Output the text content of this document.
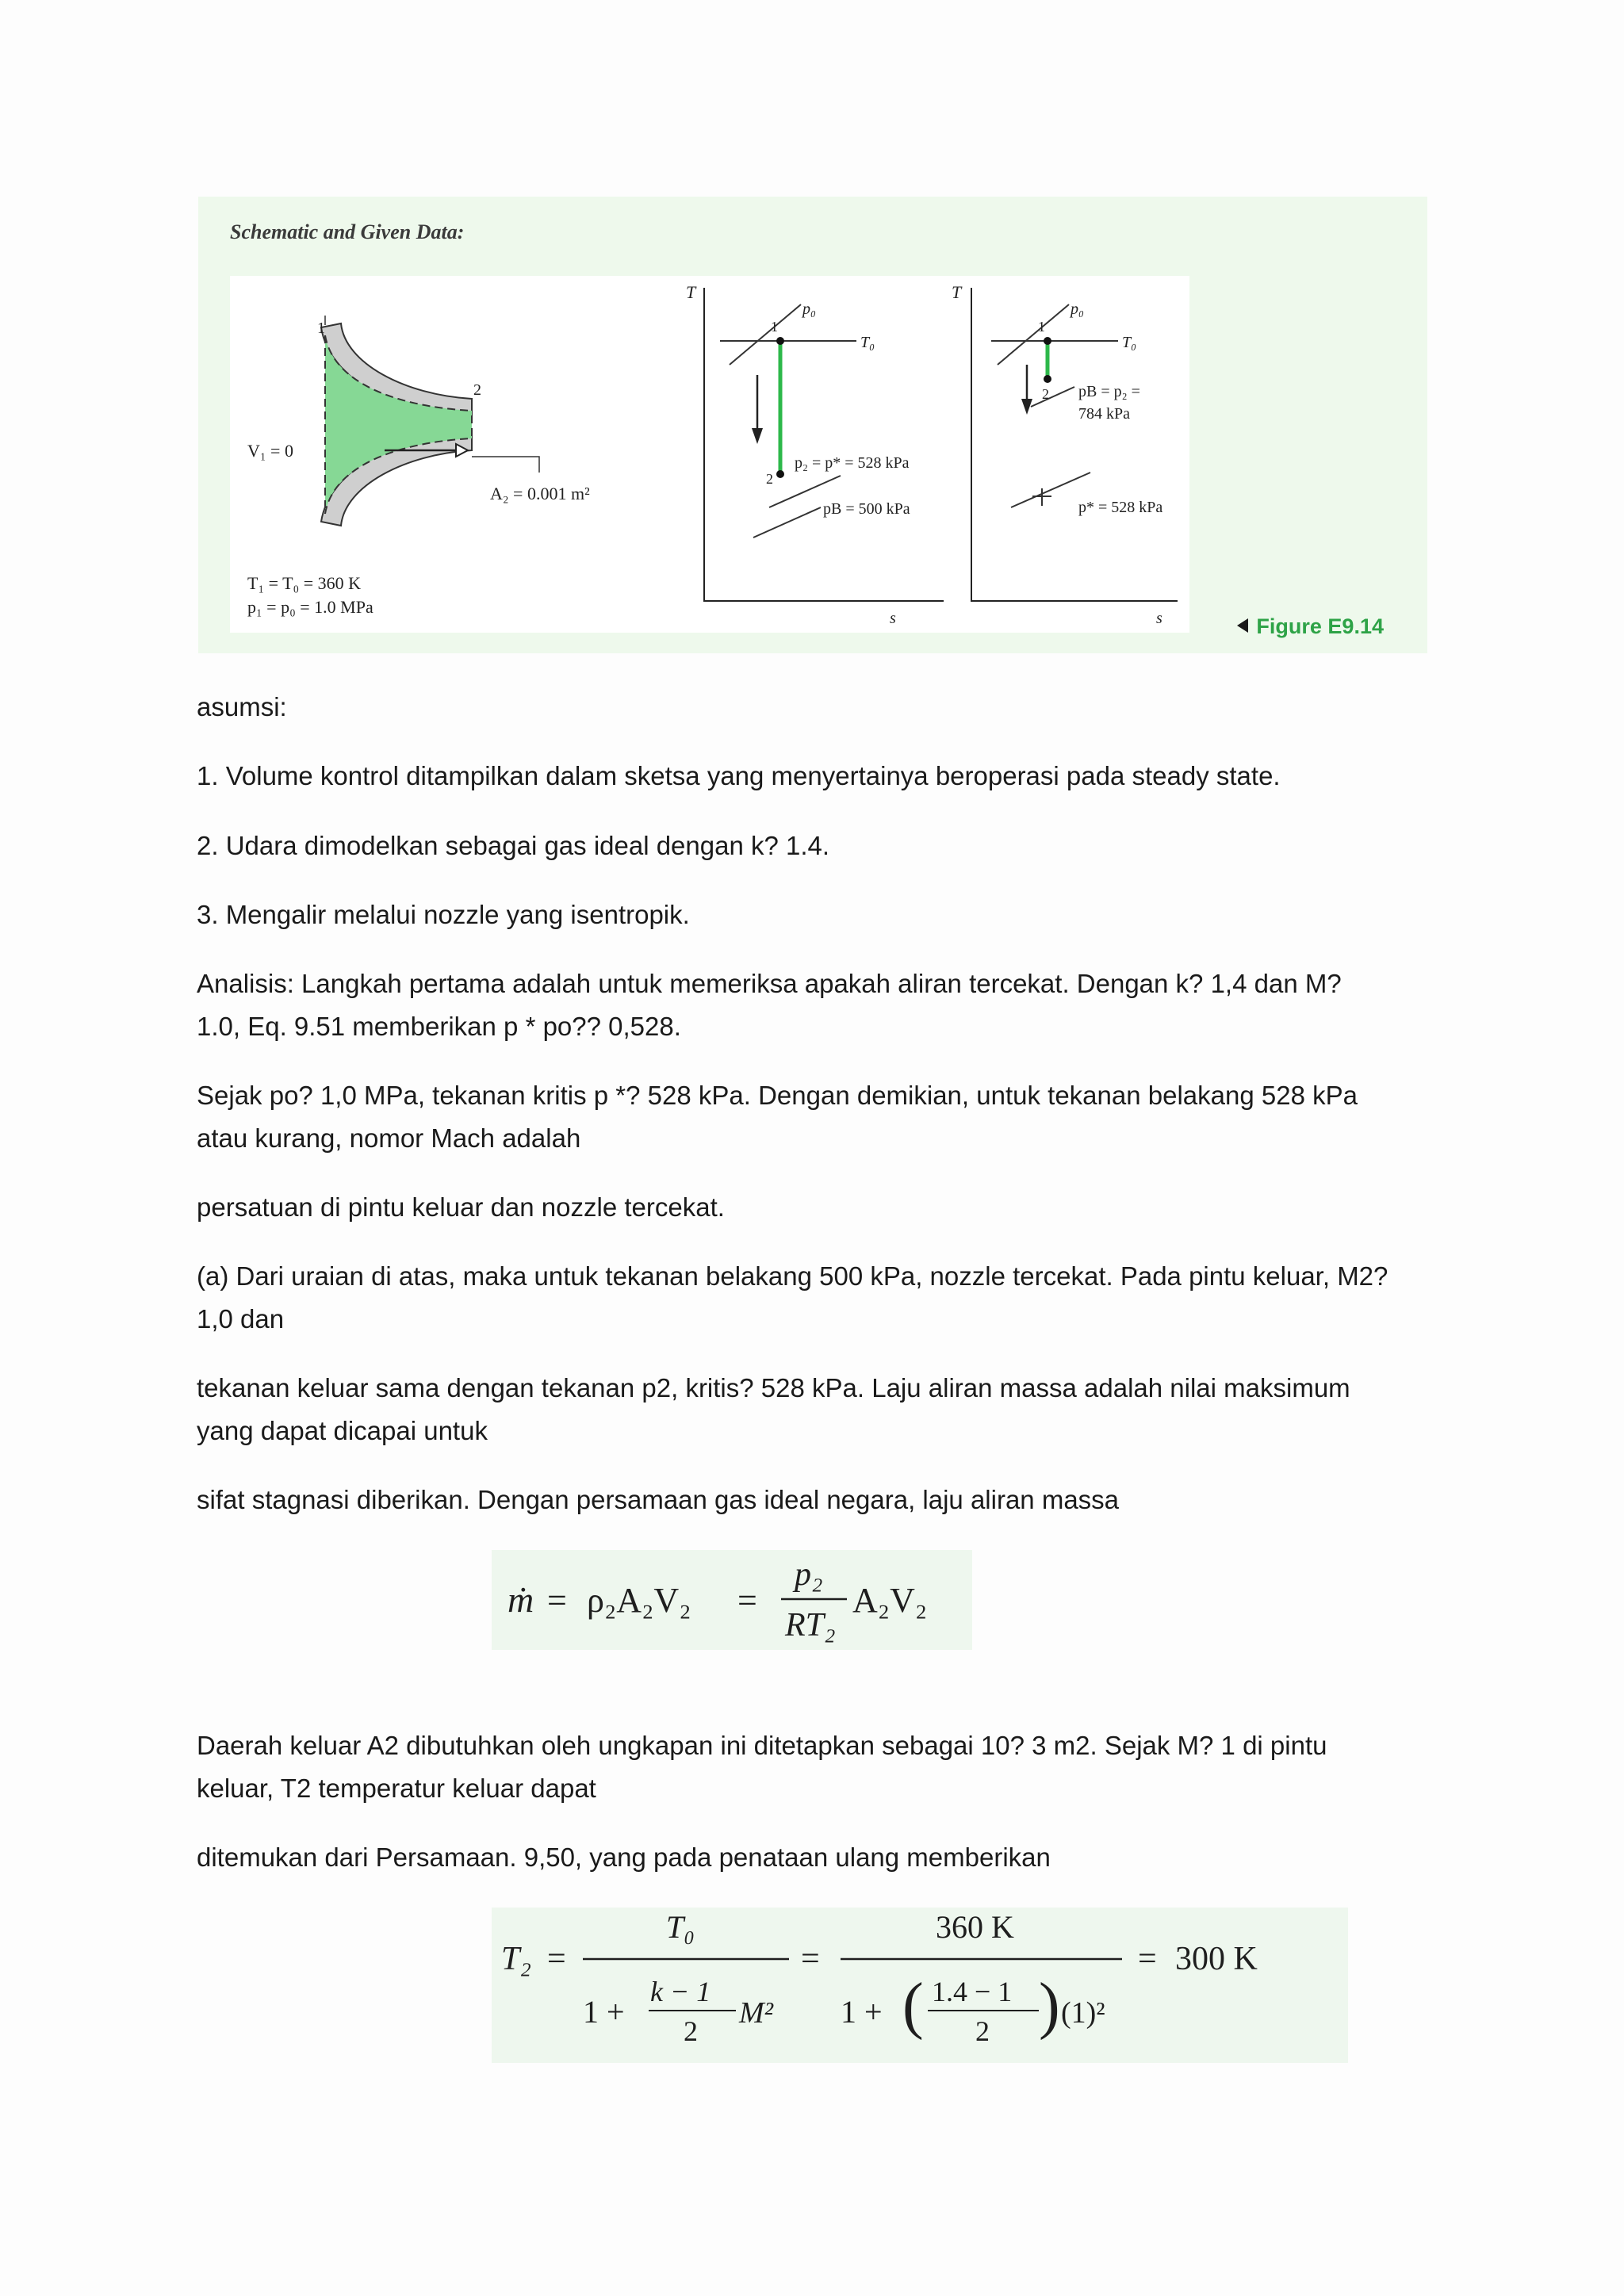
Schematic and Given Data:
1
2
V₁ = 0
A₂ = 0.001 m²
T₁ = T₀ = 360 K
p₁ = p₀ = 1.0 MPa
T
s
p₀
T₀
1
2
p₂ = p* = 528 kPa
pB = 500 kPa
T
s
p₀
T₀
1
2 pB = p₂ =
784 kPa
p* = 528 kPa
Figure E9.14

asumsi:

1. Volume kontrol ditampilkan dalam sketsa yang menyertainya beroperasi pada steady state.

2. Udara dimodelkan sebagai gas ideal dengan k? 1.4.

3. Mengalir melalui nozzle yang isentropik.

Analisis: Langkah pertama adalah untuk memeriksa apakah aliran tercekat. Dengan k? 1,4 dan M?

1.0, Eq. 9.51 memberikan p * po?? 0,528.

Sejak po? 1,0 MPa, tekanan kritis p *? 528 kPa. Dengan demikian, untuk tekanan belakang 528 kPa

atau kurang, nomor Mach adalah

persatuan di pintu keluar dan nozzle tercekat.

(a) Dari uraian di atas, maka untuk tekanan belakang 500 kPa, nozzle tercekat. Pada pintu keluar, M2?

1,0 dan

tekanan keluar sama dengan tekanan p2, kritis? 528 kPa. Laju aliran massa adalah nilai maksimum

yang dapat dicapai untuk

sifat stagnasi diberikan. Dengan persamaan gas ideal negara, laju aliran massa

ṁ = ρ₂A₂V₂ =
p₂
RT₂
A₂V₂

Daerah keluar A2 dibutuhkan oleh ungkapan ini ditetapkan sebagai 10? 3 m2. Sejak M? 1 di pintu

keluar, T2 temperatur keluar dapat

ditemukan dari Persamaan. 9,50, yang pada penataan ulang memberikan

T₂ =
T₀
1 +
k − 1
2
M²
=
360 K
1 + ( 1.4 − 1
2 ) (1)²
= 300 K
